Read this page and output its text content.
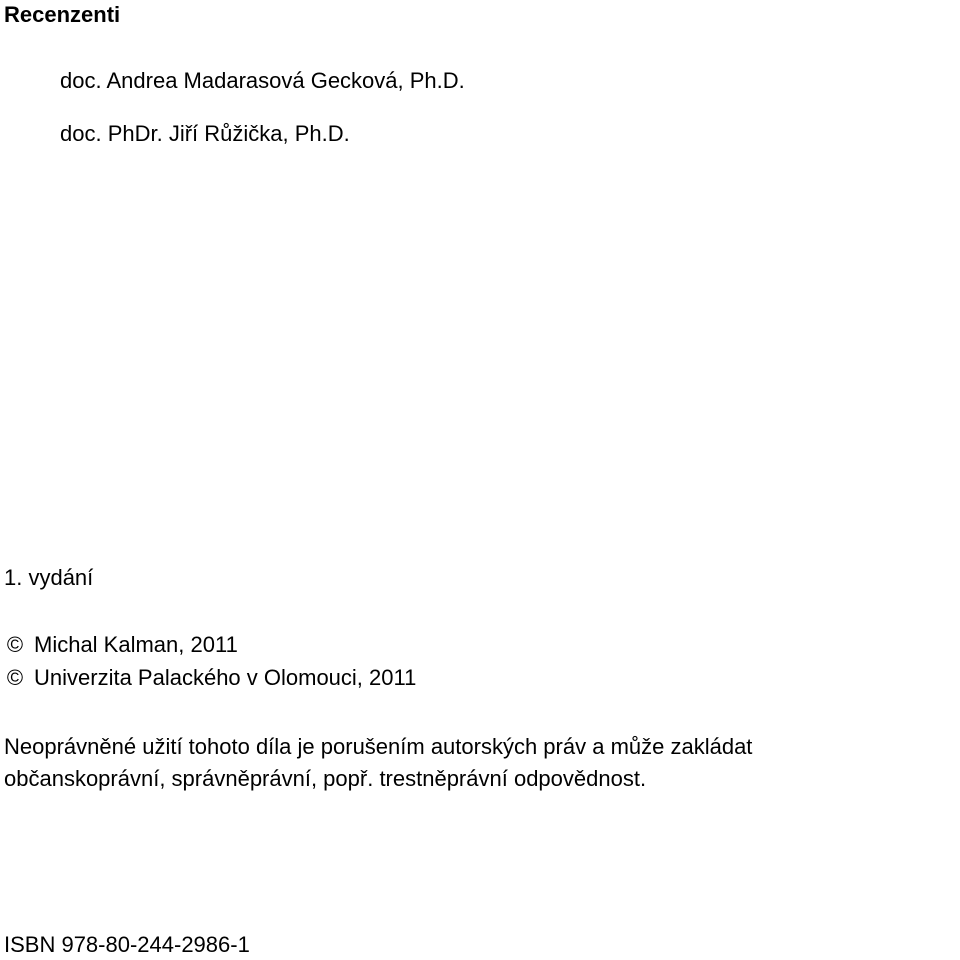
Recenzenti
doc. Andrea Madarasová Gecková, Ph.D.
doc. PhDr. Jiří Růžička, Ph.D.
1. vydání
© Michal Kalman, 2011
© Univerzita Palackého v Olomouci, 2011
Neoprávněné užití tohoto díla je porušením autorských práv a může zakládat
občanskoprávní, správněprávní, popř. trestněprávní odpovědnost.
ISBN 978-80-244-2986-1
